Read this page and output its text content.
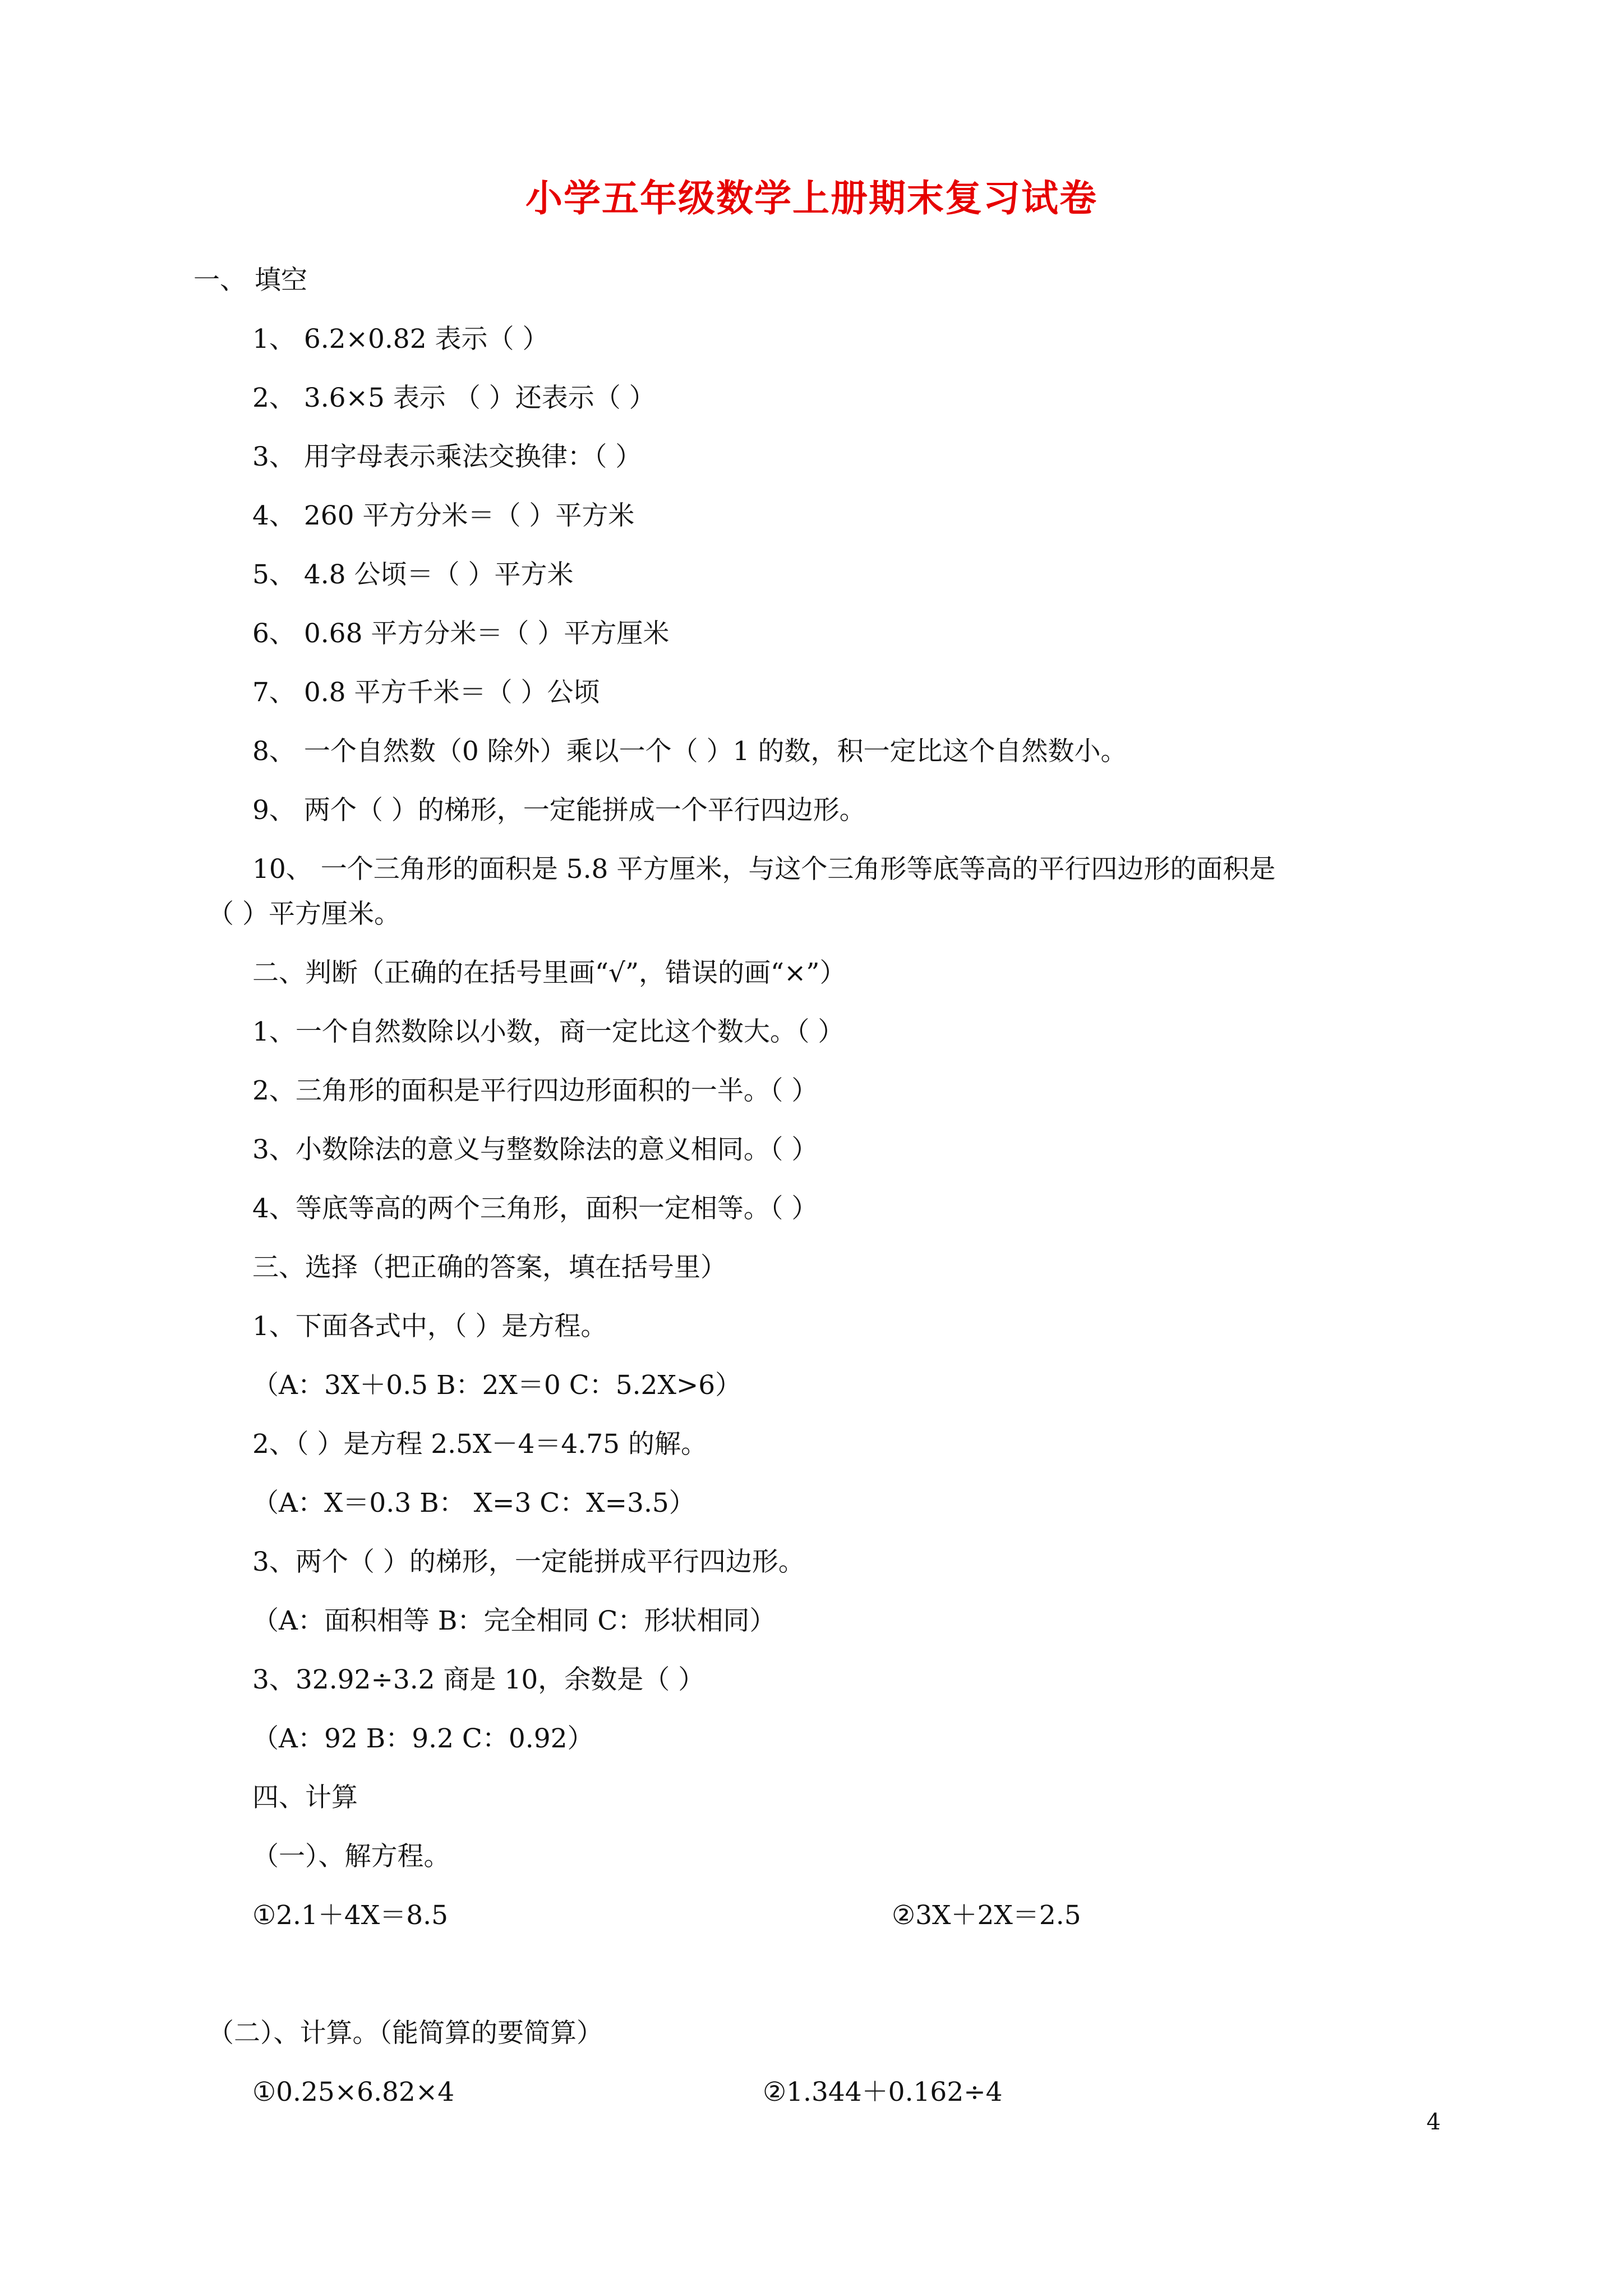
小学五年级数学上册期末复习试卷
一、 填空
1、 6.2×0.82 表示（ ）
2、 3.6×5 表示 （ ）还表示（ ）
3、 用字母表示乘法交换律：（ ）
4、 260 平方分米＝（ ）平方米
5、 4.8 公顷＝（ ）平方米
6、 0.68 平方分米＝（ ）平方厘米
7、 0.8 平方千米＝（ ）公顷
8、 一个自然数（0 除外）乘以一个（ ）1 的数，积一定比这个自然数小。
9、 两个（ ）的梯形，一定能拼成一个平行四边形。
10、 一个三角形的面积是 5.8 平方厘米，与这个三角形等底等高的平行四边形的面积是
（ ）平方厘米。
二、判断（正确的在括号里画“√”，错误的画“×”）
1、一个自然数除以小数，商一定比这个数大。（ ）
2、三角形的面积是平行四边形面积的一半。（ ）
3、小数除法的意义与整数除法的意义相同。（ ）
4、等底等高的两个三角形，面积一定相等。（ ）
三、选择（把正确的答案，填在括号里）
1、下面各式中，（ ）是方程。
（A：3X＋0.5 B：2X＝0 C：5.2X>6）
2、（ ）是方程 2.5X－4＝4.75 的解。
（A：X＝0.3 B： X=3 C：X=3.5）
3、两个（ ）的梯形，一定能拼成平行四边形。
（A：面积相等 B：完全相同 C：形状相同）
3、32.92÷3.2 商是 10，余数是（ ）
（A：92 B：9.2 C：0.92）
四、计算
（一）、解方程。
①2.1＋4X＝8.5	②3X＋2X＝2.5
（二）、计算。（能简算的要简算）
①0.25×6.82×4	②1.344＋0.162÷4
4
